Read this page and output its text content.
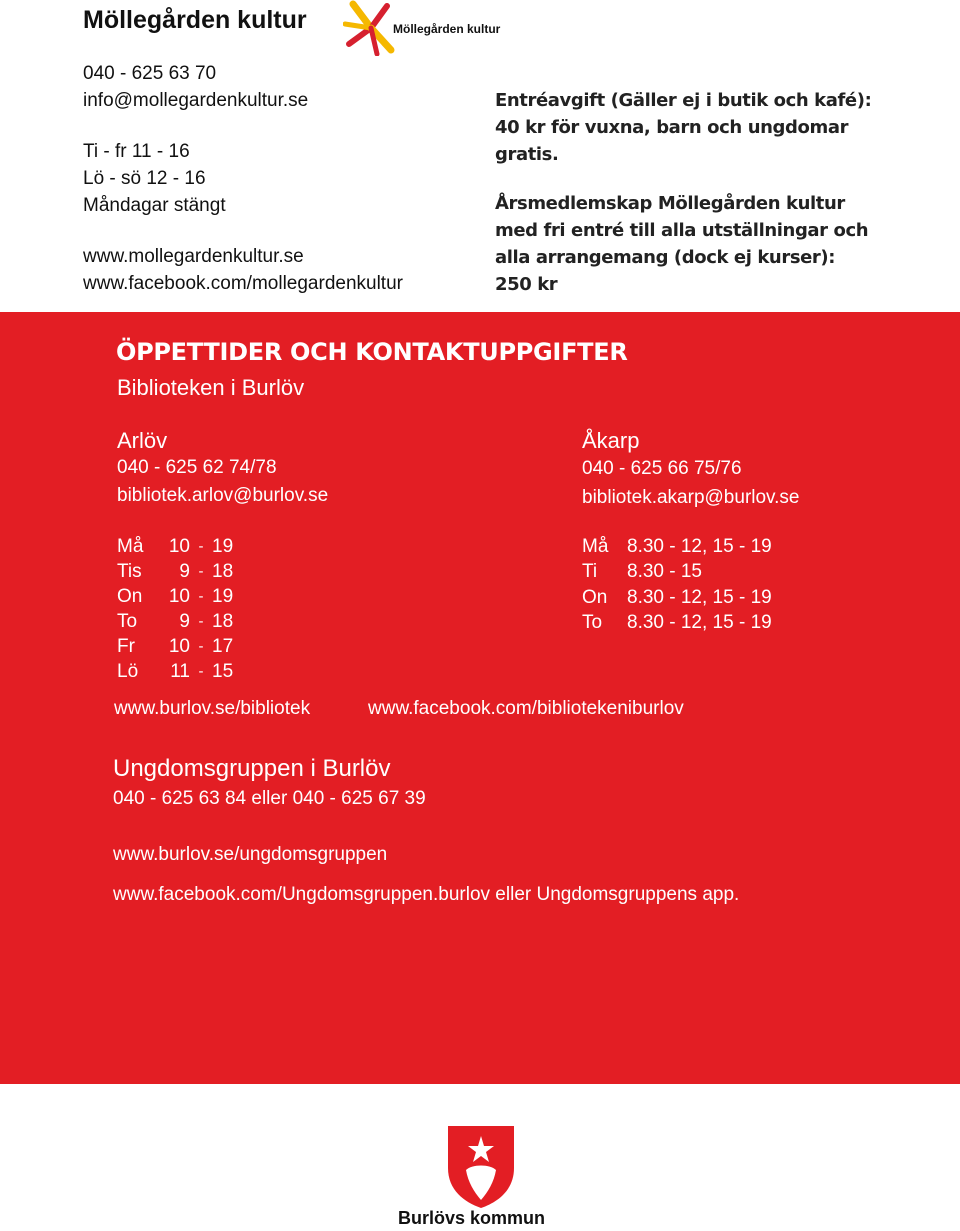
Möllegården kultur	Möllegården kultur
040 - 625 63 70
info@mollegardenkultur.se
Ti - fr 11 - 16
Lö - sö 12 - 16
Måndagar stängt
www.mollegardenkultur.se
www.facebook.com/mollegardenkultur

Entréavgift (Gäller ej i butik och kafé):

40 kr för vuxna, barn och ungdomar

gratis.

Årsmedlemskap Möllegården kultur

med fri entré till alla utställningar och

alla arrangemang (dock ej kurser):

250 kr

ÖPPETTIDER OCH KONTAKTUPPGIFTER
Biblioteken i Burlöv
Arlöv
040 - 625 62 74/78
bibliotek.arlov@burlov.se
Må	10	-	19
Tis	9	-	18
On	10	-	19
To	9	-	18
Fr	10	-	17
Lö	11	-	15
Åkarp
040 - 625 66 75/76
bibliotek.akarp@burlov.se
Må	8.30 - 12, 15 - 19
Ti	8.30 - 15
On	8.30 - 12, 15 - 19
To	8.30 - 12, 15 - 19
www.burlov.se/bibliotek	www.facebook.com/bibliotekeniburlov
Ungdomsgruppen i Burlöv
040 - 625 63 84 eller 040 - 625 67 39
www.burlov.se/ungdomsgruppen
www.facebook.com/Ungdomsgruppen.burlov eller Ungdomsgruppens app.
Burlövs kommun
